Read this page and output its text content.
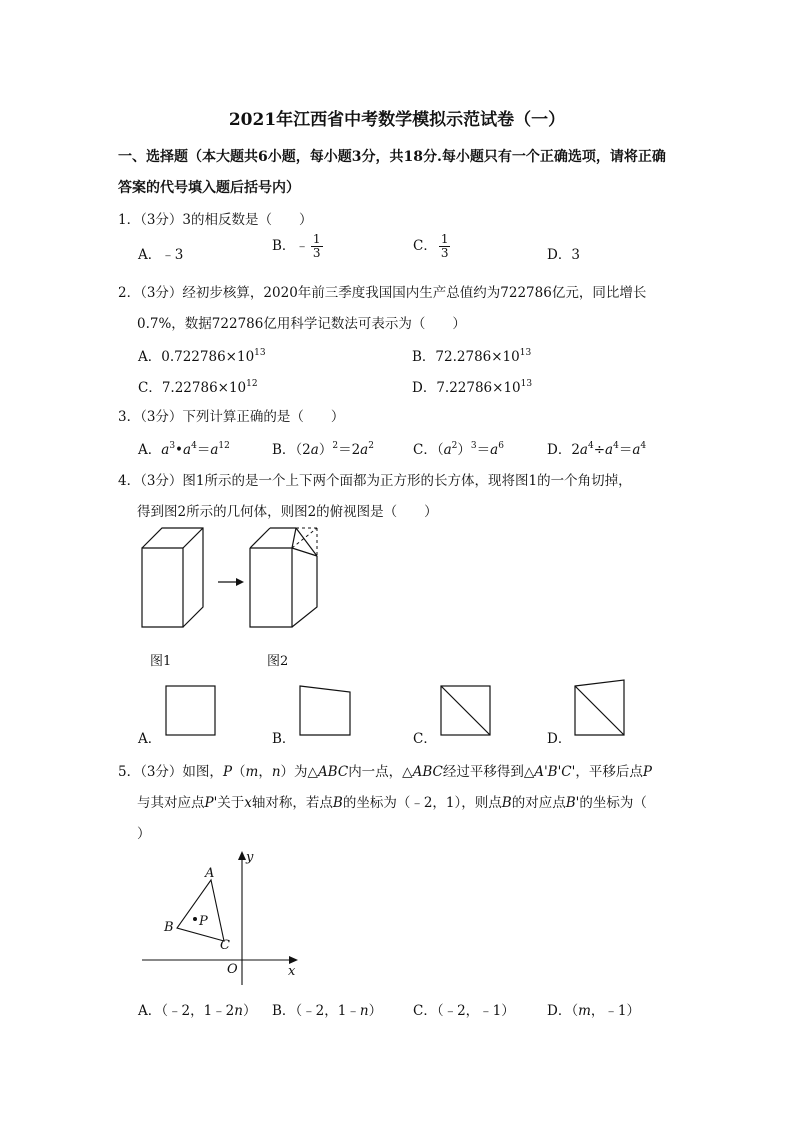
2021年江西省中考数学模拟示范试卷（一）
一、选择题（本大题共6小题，每小题3分，共18分.每小题只有一个正确选项，请将正确
答案的代号填入题后括号内）
1．（3分）3的相反数是（　　）
A．﹣3
B．﹣ $\frac{1}{3}$	C． $\frac{1}{3}$	D．3
2．（3分）经初步核算，2020年前三季度我国国内生产总值约为722786亿元，同比增长
0.7%，数据722786亿用科学记数法可表示为（　　）
A．$0.722786\times 10^{13}$	B．$72.2786\times 10^{13}$
C．$7.22786\times 10^{12}$	D．$7.22786\times 10^{13}$
3．（3分）下列计算正确的是（　　）
A．$a^3•a^4=a^{12}$	B．$(2a)^2=2a^2$	C．$(a^2)^3=a^6$	D．$2a^4\div a^4=a^4$
4．（3分）图1所示的是一个上下两个面都为正方形的长方体，现将图1的一个角切掉，
得到图2所示的几何体，则图2的俯视图是（　　）
图1	图2
A．	B．	C．	D．
5．（3分）如图，P（m，n）为△ABC内一点，△ABC经过平移得到△A'B'C'，平移后点P
与其对应点P'关于x轴对称，若点B的坐标为（﹣2，1），则点B的对应点B'的坐标为（
）
y
x
O
A
B
C
P
A．（﹣2，1﹣2n） B．（﹣2，1﹣n） C．（﹣2，﹣1） D．（m，﹣1）
